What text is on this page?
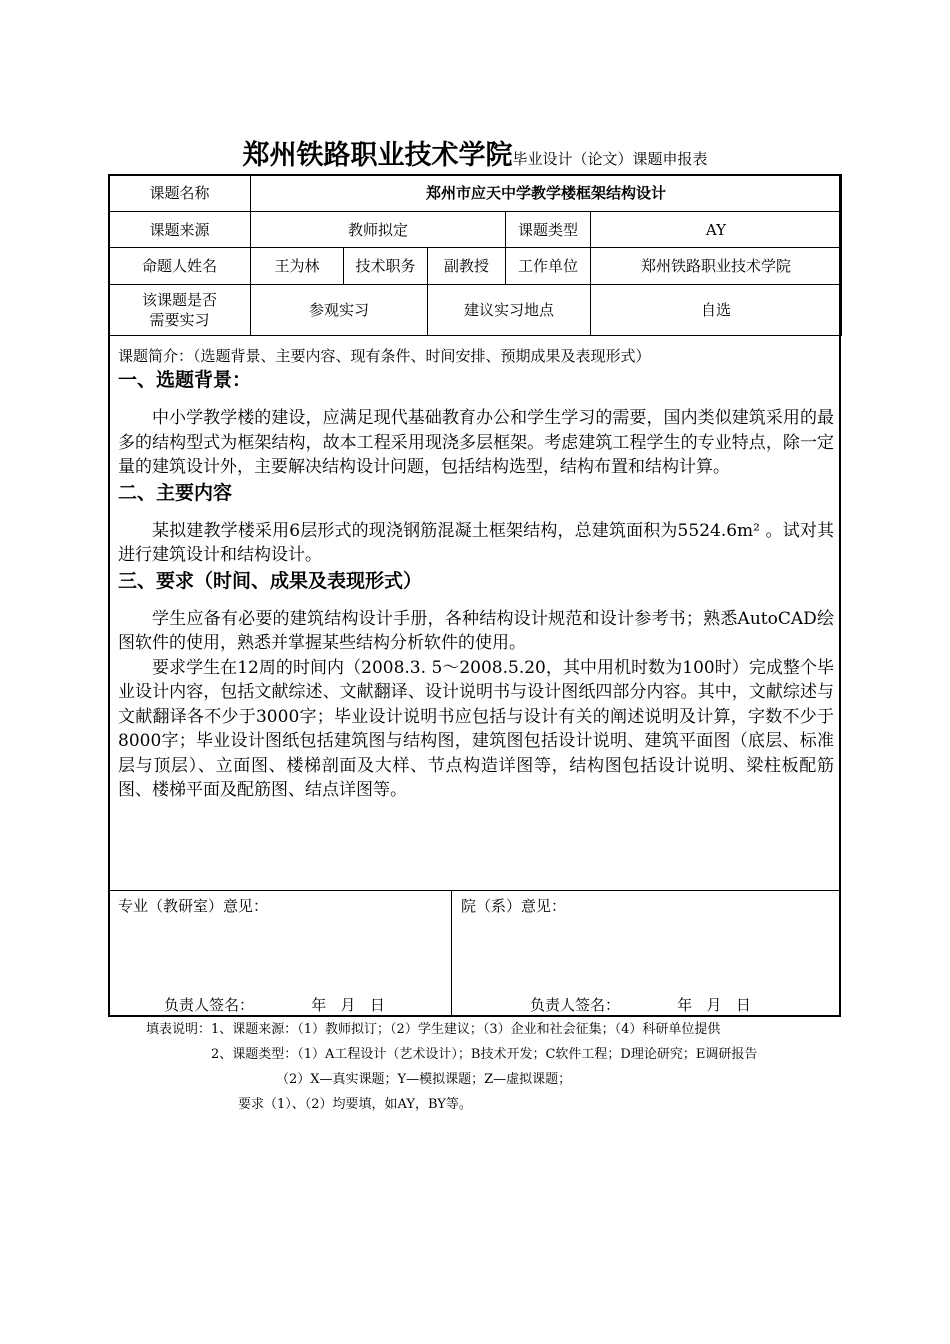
郑州铁路职业技术学院毕业设计（论文）课题申报表
课题名称	郑州市应天中学教学楼框架结构设计				
课题来源	教师拟定			课题类型	AY
命题人姓名	王为林	技术职务	副教授	工作单位	郑州铁路职业技术学院

该课题是否
需要实习	参观实习		建议实习地点		自选
课题简介：（选题背景、主要内容、现有条件、时间安排、预期成果及表现形式）
一、选题背景：

中小学教学楼的建设，应满足现代基础教育办公和学生学习的需要，国内类似建筑采用的最多的结构型式为框架结构，故本工程采用现浇多层框架。考虑建筑工程学生的专业特点，除一定量的建筑设计外，主要解决结构设计问题，包括结构选型，结构布置和结构计算。

二、主要内容

某拟建教学楼采用6层形式的现浇钢筋混凝土框架结构，总建筑面积为5524.6m² 。试对其进行建筑设计和结构设计。

三、要求（时间、成果及表现形式）

学生应备有必要的建筑结构设计手册，各种结构设计规范和设计参考书；熟悉AutoCAD绘图软件的使用，熟悉并掌握某些结构分析软件的使用。

要求学生在12周的时间内（2008.3. 5～2008.5.20，其中用机时数为100时）完成整个毕业设计内容，包括文献综述、文献翻译、设计说明书与设计图纸四部分内容。其中，文献综述与文献翻译各不少于3000字；毕业设计说明书应包括与设计有关的阐述说明及计算，字数不少于8000字；毕业设计图纸包括建筑图与结构图，建筑图包括设计说明、建筑平面图（底层、标准层与顶层）、立面图、楼梯剖面及大样、节点构造详图等，结构图包括设计说明、梁柱板配筋图、楼梯平面及配筋图、结点详图等。

专业（教研室）意见：	院（系）意见：
负责人签名：            年   月   日	负责人签名：            年   月   日
填表说明：1、课题来源：（1）教师拟订；（2）学生建议；（3）企业和社会征集；（4）科研单位提供
2、课题类型：（1）A工程设计（艺术设计）；B技术开发；C软件工程；D理论研究；E调研报告
（2）X—真实课题；Y—模拟课题；Z—虚拟课题；
要求（1）、（2）均要填，如AY，BY等。
